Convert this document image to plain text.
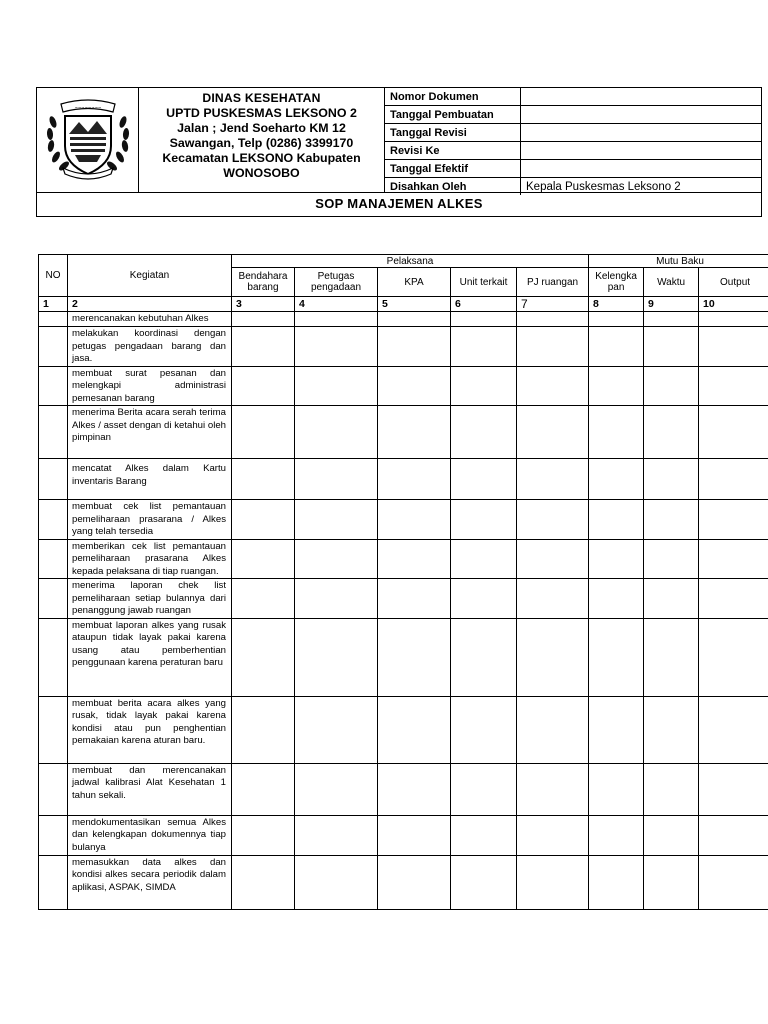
~~~~~~~~
DINAS KESEHATAN
UPTD PUSKESMAS LEKSONO 2
Jalan ; Jend Soeharto KM 12
Sawangan, Telp (0286) 3399170
Kecamatan LEKSONO Kabupaten
WONOSOBO
Nomor Dokumen	
Tanggal Pembuatan	
Tanggal Revisi	
Revisi Ke	
Tanggal Efektif	
Disahkan Oleh	Kepala Puskesmas Leksono 2
SOP MANAJEMEN ALKES
NO	Kegiatan	Pelaksana					Mutu Baku		
		Bendahara barang	Petugas pengadaan	KPA	Unit terkait	PJ ruangan	Kelengka pan	Waktu	Output
1	2	3	4	5	6	7	8	9	10
	merencanakan kebutuhan Alkes								
	melakukan koordinasi dengan petugas pengadaan barang dan jasa.								
	membuat surat pesanan dan melengkapi administrasi pemesanan barang								
	menerima Berita acara serah terima Alkes / asset dengan di ketahui oleh pimpinan								
	mencatat Alkes dalam Kartu inventaris Barang								
	membuat cek list pemantauan pemeliharaan prasarana / Alkes yang telah tersedia								
	memberikan cek list pemantauan pemeliharaan prasarana Alkes kepada pelaksana di tiap ruangan.								
	menerima laporan chek list pemeliharaan setiap bulannya dari penanggung jawab ruangan								
	membuat laporan alkes yang rusak ataupun tidak layak pakai karena usang atau pemberhentian penggunaan karena peraturan baru								
	membuat berita acara alkes yang rusak, tidak layak pakai karena kondisi atau pun penghentian pemakaian karena aturan baru.								
	membuat dan merencanakan jadwal kalibrasi Alat Kesehatan 1 tahun sekali.								
	mendokumentasikan semua Alkes dan kelengkapan dokumennya tiap bulanya								
	memasukkan data alkes dan kondisi alkes secara periodik dalam aplikasi, ASPAK, SIMDA								
